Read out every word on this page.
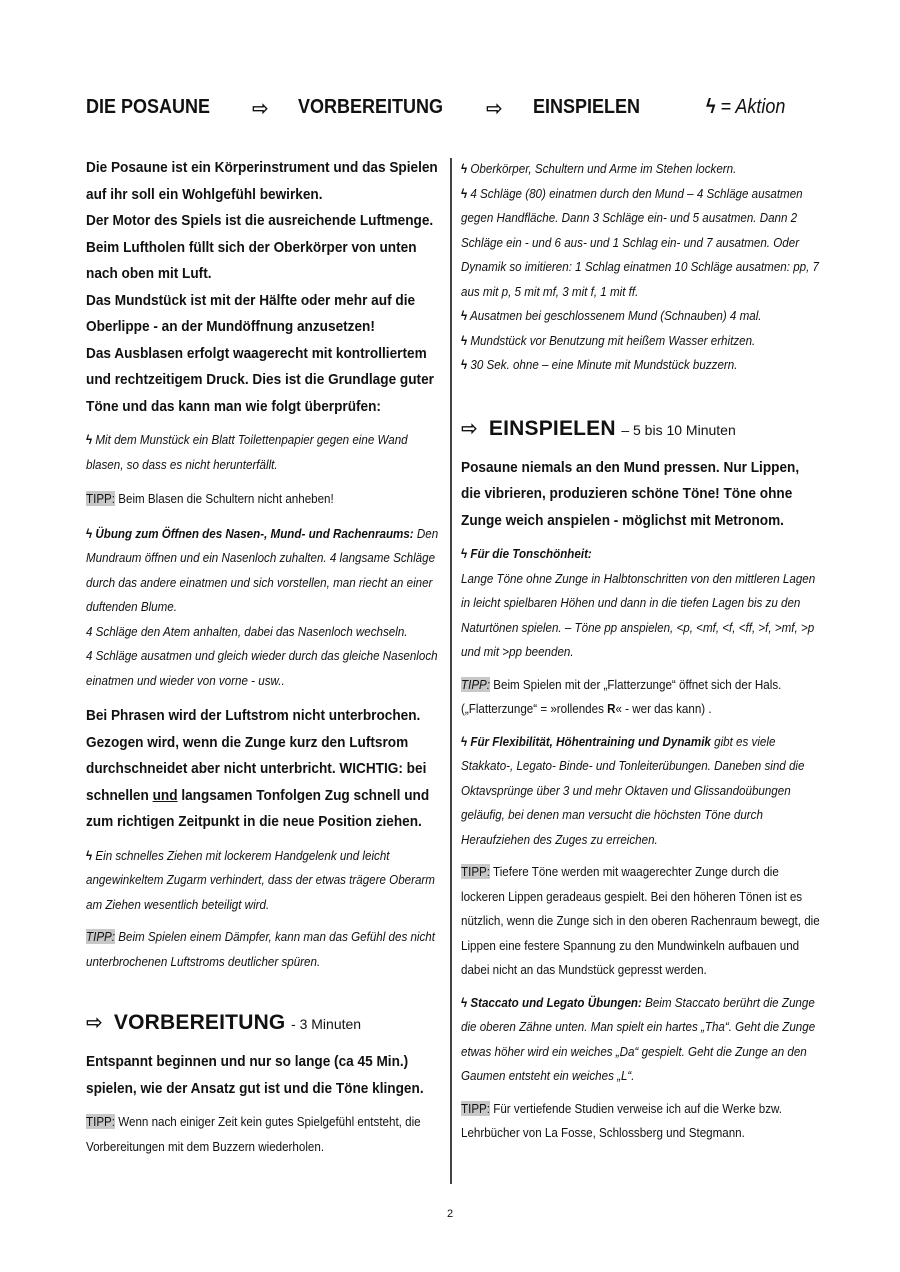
DIE POSAUNE ⇨ VORBEREITUNG ⇨ EINSPIELEN	ϟ = Aktion

Die Posaune ist ein Körperinstrument und das Spielen auf ihr soll ein Wohlgefühl bewirken.

Der Motor des Spiels ist die ausreichende Luftmenge. Beim Luftholen füllt sich der Oberkörper von unten nach oben mit Luft.

Das Mundstück ist mit der Hälfte oder mehr auf die Oberlippe - an der Mundöffnung anzusetzen!

Das Ausblasen erfolgt waagerecht mit kontrolliertem und rechtzeitigem Druck. Dies ist die Grundlage guter Töne und das kann man wie folgt überprüfen:

ϟ Mit dem Munstück ein Blatt Toilettenpapier gegen eine Wand blasen, so dass es nicht herunterfällt.
TIPP: Beim Blasen die Schultern nicht anheben!
ϟ Übung zum Öffnen des Nasen-, Mund- und Rachenraums: Den Mundraum öffnen und ein Nasenloch zuhalten. 4 langsame Schläge durch das andere einatmen und sich vorstellen, man riecht an einer duftenden Blume.
4 Schläge den Atem anhalten, dabei das Nasenloch wechseln.
4 Schläge ausatmen und gleich wieder durch das gleiche Nasenloch einatmen und wieder von vorne - usw..
Bei Phrasen wird der Luftstrom nicht unterbrochen. Gezogen wird, wenn die Zunge kurz den Luftsrom durchschneidet aber nicht unterbricht. WICHTIG: bei schnellen und langsamen Tonfolgen Zug schnell und zum richtigen Zeitpunkt in die neue Position ziehen.
ϟ Ein schnelles Ziehen mit lockerem Handgelenk und leicht angewinkeltem Zugarm verhindert, dass der etwas trägere Oberarm am Ziehen wesentlich beteiligt wird.
TIPP: Beim Spielen einem Dämpfer, kann man das Gefühl des nicht unterbrochenen Luftstroms deutlicher spüren.
⇨ VORBEREITUNG - 3 Minuten
Entspannt beginnen und nur so lange (ca 45 Min.) spielen, wie der Ansatz gut ist und die Töne klingen.
TIPP: Wenn nach einiger Zeit kein gutes Spielgefühl entsteht, die Vorbereitungen mit dem Buzzern wiederholen.
ϟ Oberkörper, Schultern und Arme im Stehen lockern.
ϟ 4 Schläge (80) einatmen durch den Mund – 4 Schläge ausatmen gegen Handfläche. Dann 3 Schläge ein- und 5 ausatmen. Dann 2 Schläge ein - und 6 aus- und 1 Schlag ein- und 7 ausatmen. Oder Dynamik so imitieren: 1 Schlag einatmen 10 Schläge ausatmen: pp, 7 aus mit p, 5 mit mf, 3 mit f, 1 mit ff.
ϟ Ausatmen bei geschlossenem Mund (Schnauben) 4 mal.
ϟ Mundstück vor Benutzung mit heißem Wasser erhitzen.
ϟ 30 Sek. ohne – eine Minute mit Mundstück buzzern.
⇨ EINSPIELEN – 5 bis 10 Minuten
Posaune niemals an den Mund pressen. Nur Lippen, die vibrieren, produzieren schöne Töne! Töne ohne Zunge weich anspielen - möglichst mit Metronom.
ϟ Für die Tonschönheit:
Lange Töne ohne Zunge in Halbtonschritten von den mittleren Lagen in leicht spielbaren Höhen und dann in die tiefen Lagen bis zu den Naturtönen spielen. – Töne pp anspielen, <p, <mf, <f, <ff, >f, >mf, >p und mit >pp beenden.
TIPP: Beim Spielen mit der „Flatterzunge“ öffnet sich der Hals. („Flatterzunge“ = »rollendes R« - wer das kann) .
ϟ Für Flexibilität, Höhentraining und Dynamik gibt es viele Stakkato-, Legato- Binde- und Tonleiterübungen. Daneben sind die Oktavsprünge über 3 und mehr Oktaven und Glissandoübungen geläufig, bei denen man versucht die höchsten Töne durch Heraufziehen des Zuges zu erreichen.
TIPP: Tiefere Töne werden mit waagerechter Zunge durch die lockeren Lippen geradeaus gespielt. Bei den höheren Tönen ist es nützlich, wenn die Zunge sich in den oberen Rachenraum bewegt, die Lippen eine festere Spannung zu den Mundwinkeln aufbauen und dabei nicht an das Mundstück gepresst werden.
ϟ Staccato und Legato Übungen: Beim Staccato berührt die Zunge die oberen Zähne unten. Man spielt ein hartes „Tha“. Geht die Zunge etwas höher wird ein weiches „Da“ gespielt. Geht die Zunge an den Gaumen entsteht ein weiches „L“.
TIPP: Für vertiefende Studien verweise ich auf die Werke bzw. Lehrbücher von La Fosse, Schlossberg und Stegmann.
2
